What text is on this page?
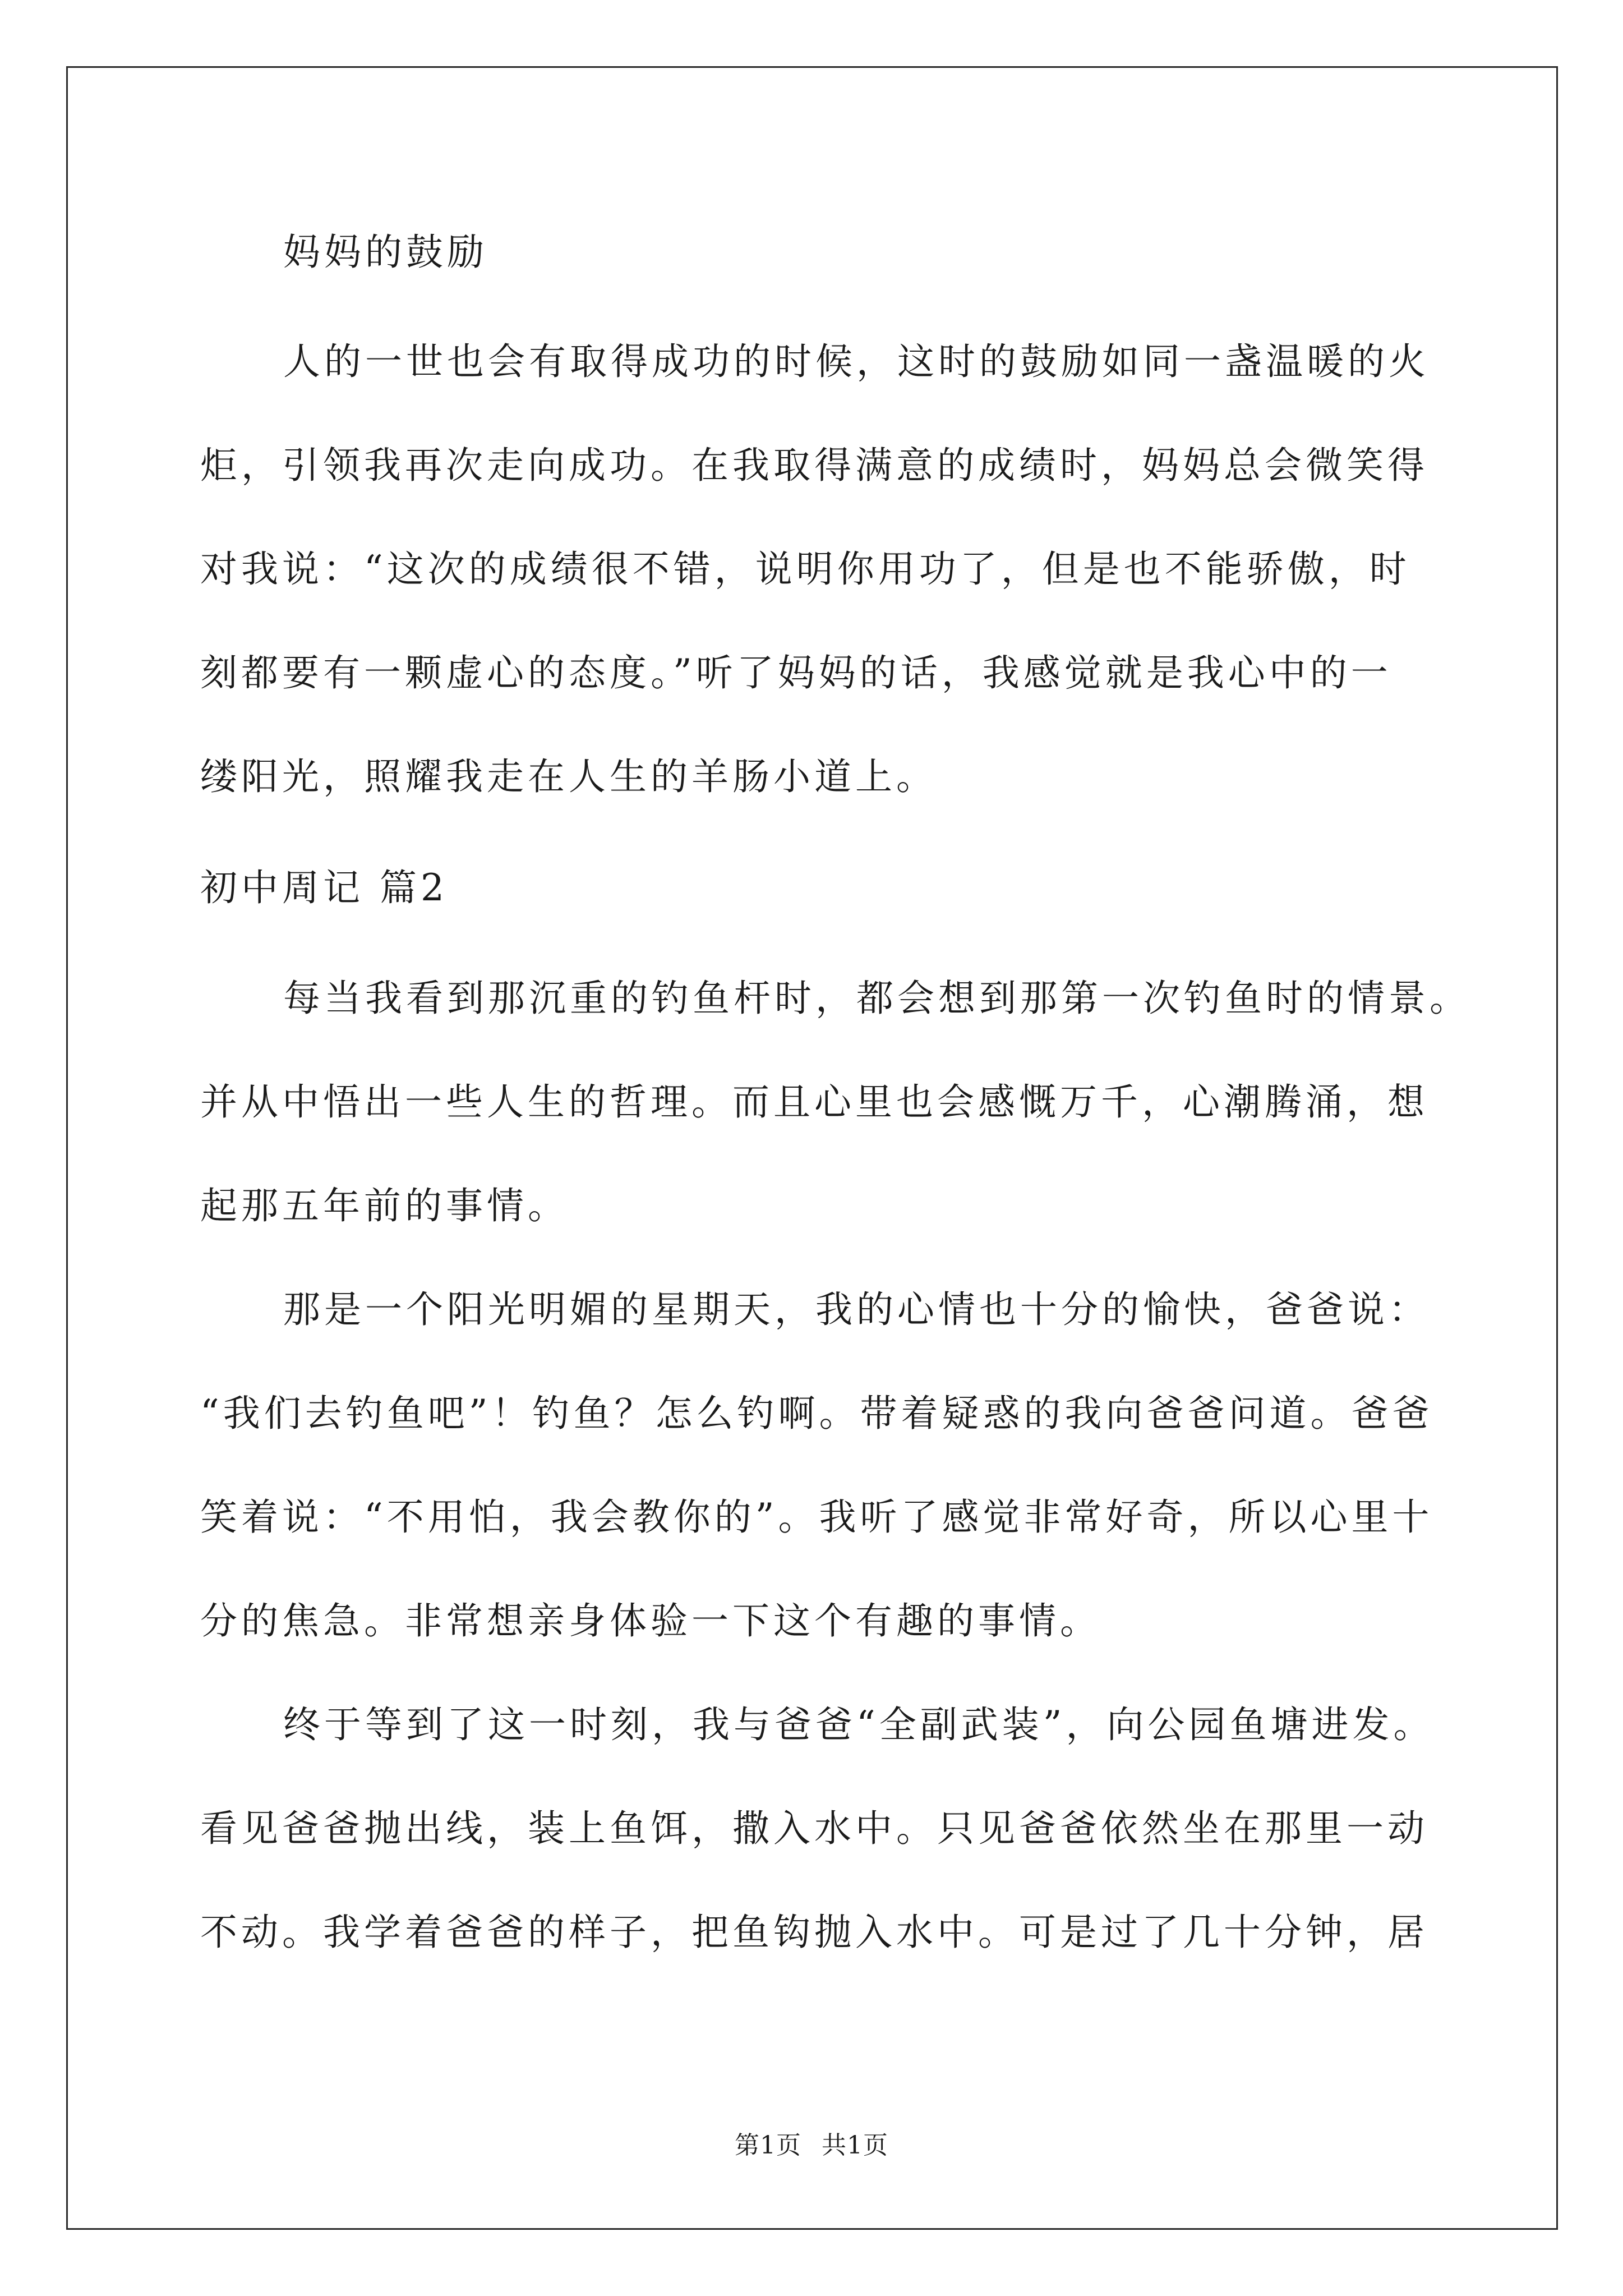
妈妈的鼓励
人的一世也会有取得成功的时候，这时的鼓励如同一盏温暖的火
炬，引领我再次走向成功。在我取得满意的成绩时，妈妈总会微笑得
对我说：“这次的成绩很不错，说明你用功了，但是也不能骄傲，时
刻都要有一颗虚心的态度。”听了妈妈的话，我感觉就是我心中的一
缕阳光，照耀我走在人生的羊肠小道上。
初中周记 篇2
每当我看到那沉重的钓鱼杆时，都会想到那第一次钓鱼时的情景。
并从中悟出一些人生的哲理。而且心里也会感慨万千，心潮腾涌，想
起那五年前的事情。
那是一个阳光明媚的星期天，我的心情也十分的愉快，爸爸说：
“我们去钓鱼吧”！钓鱼？怎么钓啊。带着疑惑的我向爸爸问道。爸爸
笑着说：“不用怕，我会教你的”。我听了感觉非常好奇，所以心里十
分的焦急。非常想亲身体验一下这个有趣的事情。
终于等到了这一时刻，我与爸爸“全副武装”，向公园鱼塘进发。
看见爸爸抛出线，装上鱼饵，撒入水中。只见爸爸依然坐在那里一动
不动。我学着爸爸的样子，把鱼钩抛入水中。可是过了几十分钟，居
第1页 共1页
